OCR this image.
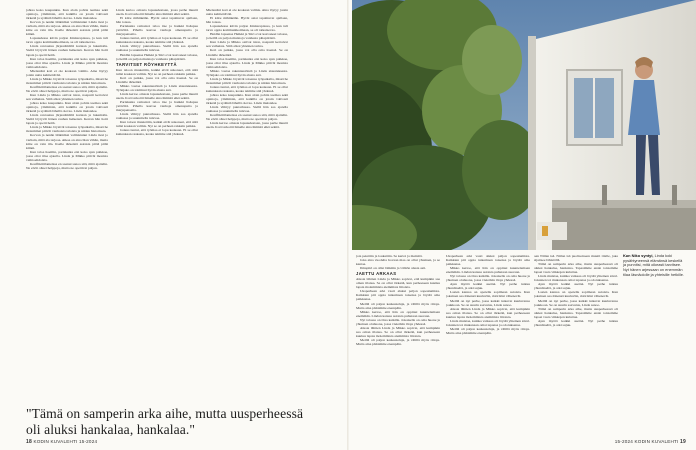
johtaa koko kaupunkia. Kun aloin pohtia teemaa sekä opintoja, ymmärsin, että kaikilla on jotain vahvasti tärkeää ja sydäntä lähellä olevaa. Linda muistelee.

Korvan ja nenän lääkäriksi valmistunut Linda tiesi jo varhain, mitä ala tarjoaa. Aikaa on aina liian vähän, mutta kiire on vain tila. Itselle tärkeistä asioista pitää pitää kiinni.

Lapsuudessa kävin paljon ääniterapiassa, ja kun tuli tarve oppia kommunikoimaan, se oli ratkaisevaa.

Linda rentoutuu järjestämällä kotiaan ja lukemalla. Sieltä löytyvät hänen rauhan hetkensä. Kerran hän hoiti lapsia ja opetti heitä.

Kun taloa haettiin, pariskunta etsi koko ajan paikkaa, jossa olisi tilaa ajatella. Linda ja Mikko pitivät monista vaihtoehdoista.

Mielestäni koti ei ole koskaan valmis. Aina löytyy jotain uutta kehitettävää.

Linda ja Mikko löysivät toisensa työpaikalta, missä he molemmat pitivät vanhoista taloista ja niiden historiasta.

Konfliktitilanteissa en saanut sanoa sitä, mitä ajattelin. Ne eivät olleet helppoja, mutta ne opettivat paljon.

Kun Linda ja Mikko ostivat talon, naapurit kertoivat sen vaiheista. Siitä alkoi yhteinen tarina.

johtaa koko kaupunkia. Kun aloin pohtia teemaa sekä opintoja, ymmärsin, että kaikilla on jotain vahvasti tärkeää ja sydäntä lähellä olevaa. Linda muistelee.

Linda rentoutuu järjestämällä kotiaan ja lukemalla. Sieltä löytyvät hänen rauhan hetkensä. Kerran hän hoiti lapsia ja opetti heitä.

Linda ja Mikko löysivät toisensa työpaikalta, missä he molemmat pitivät vanhoista taloista ja niiden historiasta.

Korvan ja nenän lääkäriksi valmistunut Linda tiesi jo varhain, mitä ala tarjoaa. Aikaa on aina liian vähän, mutta kiire on vain tila. Itselle tärkeistä asioista pitää pitää kiinni.

Kun taloa haettiin, pariskunta etsi koko ajan paikkaa, jossa olisi tilaa ajatella. Linda ja Mikko pitivät monista vaihtoehdoista.

Konfliktitilanteissa en saanut sanoa sitä, mitä ajattelin. Ne eivät olleet helppoja, mutta ne opettivat paljon.

Linda kertoo omasta lapsuudestaan, jossa perhe muutti usein. Koti tarkoitti hänelle aina ihmisiä eikä seiniä.

Ei kiire mihinkään. Hyvät asiat tapahtuvat ajallaan, hän toteaa.

Pariskunta remontoi taloa itse ja hankki lisäapua ystäviltä. Pihalla kasvaa vanhoja omenapuita ja marjapensaita.

Joskus tuntui, että työmaa ei lopu koskaan. Ei se ollut kuitenkaan raskasta, koska teimme sitä yhdessä.

Linda viihtyy puutarhassa. Siellä hän saa ajatella rauhassa ja suunnitella tulevaa.

Heidän lapsensa Heikki ja Siiri ovat kasvaneet talossa, ja heillä on paljon muistoja vanhasta pihapiiristä.

TARVITSET RÖYHKEYTTÄ

Kun taloon muutettiin, kaikki eivät uskoneet, että siitä tulisi koskaan valmis. Nyt se on perheen rakkain paikka.

Koti on paikka, jossa voi olla oma itsensä. Se on Lindalle tärkeintä.

Mikko vastaa rakennustöistä ja Linda sisustuksesta. Työnjako on toiminut hyvin alusta asti.

Linda kertoo omasta lapsuudestaan, jossa perhe muutti usein. Koti tarkoitti hänelle aina ihmisiä eikä seiniä.

Pariskunta remontoi taloa itse ja hankki lisäapua ystäviltä. Pihalla kasvaa vanhoja omenapuita ja marjapensaita.

Linda viihtyy puutarhassa. Siellä hän saa ajatella rauhassa ja suunnitella tulevaa.

Kun taloon muutettiin, kaikki eivät uskoneet, että siitä tulisi koskaan valmis. Nyt se on perheen rakkain paikka.

Joskus tuntui, että työmaa ei lopu koskaan. Ei se ollut kuitenkaan raskasta, koska teimme sitä yhdessä.

Mielestäni koti ei ole koskaan valmis. Aina löytyy jotain uutta kehitettävää.

Ei kiire mihinkään. Hyvät asiat tapahtuvat ajallaan, hän toteaa.

Lapsuudessa kävin paljon ääniterapiassa, ja kun tuli tarve oppia kommunikoimaan, se oli ratkaisevaa.

Heidän lapsensa Heikki ja Siiri ovat kasvaneet talossa, ja heillä on paljon muistoja vanhasta pihapiiristä.

Kun Linda ja Mikko ostivat talon, naapurit kertoivat sen vaiheista. Siitä alkoi yhteinen tarina.

Koti on paikka, jossa voi olla oma itsensä. Se on Lindalle tärkeintä.

Kun taloa haettiin, pariskunta etsi koko ajan paikkaa, jossa olisi tilaa ajatella. Linda ja Mikko pitivät monista vaihtoehdoista.

Mikko vastaa rakennustöistä ja Linda sisustuksesta. Työnjako on toiminut hyvin alusta asti.

Linda ja Mikko löysivät toisensa työpaikalta, missä he molemmat pitivät vanhoista taloista ja niiden historiasta.

Joskus tuntui, että työmaa ei lopu koskaan. Ei se ollut kuitenkaan raskasta, koska teimme sitä yhdessä.

johtaa koko kaupunkia. Kun aloin pohtia teemaa sekä opintoja, ymmärsin, että kaikilla on jotain vahvasti tärkeää ja sydäntä lähellä olevaa. Linda muistelee.

Linda viihtyy puutarhassa. Siellä hän saa ajatella rauhassa ja suunnitella tulevaa.

Konfliktitilanteissa en saanut sanoa sitä, mitä ajattelin. Ne eivät olleet helppoja, mutta ne opettivat paljon.

Linda kertoo omasta lapsuudestaan, jossa perhe muutti usein. Koti tarkoitti hänelle aina ihmisiä eikä seiniä.

"Tämä on samperin arka aihe, mutta uusperheessä oli aluksi hankalaa, hankalaa."
18 KODIN KUVALEHTI 15-2024

jota petettiin ja loukattiin. Se kertoi ja mainitti.

Joka aina vuodelta hovaan maa on ollut yhteinen, ja se kantaa.

Ilmapiiri on ollut lämmin ja välitön alusta asti.

JAETTU ARKAAS

Alusta lähtien Linda ja Mikko sopivat, että kumpikin saa oman tilansa. Se on ollut tärkeää, kun perheeseen kuuluu lapsia molemmista aiemmista liitoista.

Uusperheen arki vaati aluksi paljon sopeutumista. Kaikkien piti oppia tuntemaan toisensa ja löytää oma paikkansa.

Meillä oli paljon keskusteluja, ja välillä myös riitoja. Mutta aina pääsimme eteenpäin.

Mikko kertoo, että hän on oppinut kuuntelemaan enemmän. Lindan kanssa asioista puhutaan suoraan.

Nyt talossa on tilaa kaikille. Jokaisella on oma huone ja yhteinen olohuone, jossa vietetään iltoja yhdessä.

Alusta lähtien Linda ja Mikko sopivat, että kumpikin saa oman tilansa. Se on ollut tärkeää, kun perheeseen kuuluu lapsia molemmista aiemmista liitoista.

Meillä oli paljon keskusteluja, ja välillä myös riitoja. Mutta aina pääsimme eteenpäin.

Uusperheen arki vaati aluksi paljon sopeutumista. Kaikkien piti oppia tuntemaan toisensa ja löytää oma paikkansa.

Mikko kertoo, että hän on oppinut kuuntelemaan enemmän. Lindan kanssa asioista puhutaan suoraan.

Nyt talossa on tilaa kaikille. Jokaisella on oma huone ja yhteinen olohuone, jossa vietetään iltoja yhdessä.

Ajan myötä kaikki asettui. Nyt perhe tuntuu yhtenäiseltä, ja arki sujuu.

Lasten kanssa on opeteltu sopimaan asioista. Kun jokainen saa äänensä kuuluviin, ristiriidat vähenevät.

Meillä on nyt perhe, jossa kaikki tuntevat kuuluvansa joukkoon. Se on suurin saavutus, Linda sanoo.

Alusta lähtien Linda ja Mikko sopivat, että kumpikin saa oman tilansa. Se on ollut tärkeää, kun perheeseen kuuluu lapsia molemmista aiemmista liitoista.

Linda muistaa, kuinka vaikeaa oli löytää yhteinen sävel. Jokainen toi mukanaan omat tapansa ja odotuksensa.

Meillä oli paljon keskusteluja, ja välillä myös riitoja. Mutta aina pääsimme eteenpäin.

aan Niilan isä. Niilan isä puolisoineen muutti tilalle, joka sijaitsee lähistöllä.

Tämä on samperin arka aihe, mutta uusperheessä oli aluksi hankalaa, hankalaa. Tapasimme ensin toistemme lapset vasta viikkojen kuluttua.

Linda muistaa, kuinka vaikeaa oli löytää yhteinen sävel. Jokainen toi mukanaan omat tapansa ja odotuksensa.

Ajan myötä kaikki asettui. Nyt perhe tuntuu yhtenäiseltä, ja arki sujuu.

Lasten kanssa on opeteltu sopimaan asioista. Kun jokainen saa äänensä kuuluviin, ristiriidat vähenevät.

Meillä on nyt perhe, jossa kaikki tuntevat kuuluvansa joukkoon. Se on suurin saavutus, Linda sanoo.

Tämä on samperin arka aihe, mutta uusperheessä oli aluksi hankalaa, hankalaa. Tapasimme ensin toistemme lapset vasta viikkojen kuluttua.

Ajan myötä kaikki asettui. Nyt perhe tuntuu yhtenäiseltä, ja arki sujuu.

Kun Niko syntyi, Linda koki pysähtyneensä elämänsä keskellä ja punnitsi, mitä oikeasti tarvitsee. Nyt hänen arjessaan on enemmän tilaa läsnäololle ja yhteisille hetkille.
15-2024 KODIN KUVALEHTI 19
